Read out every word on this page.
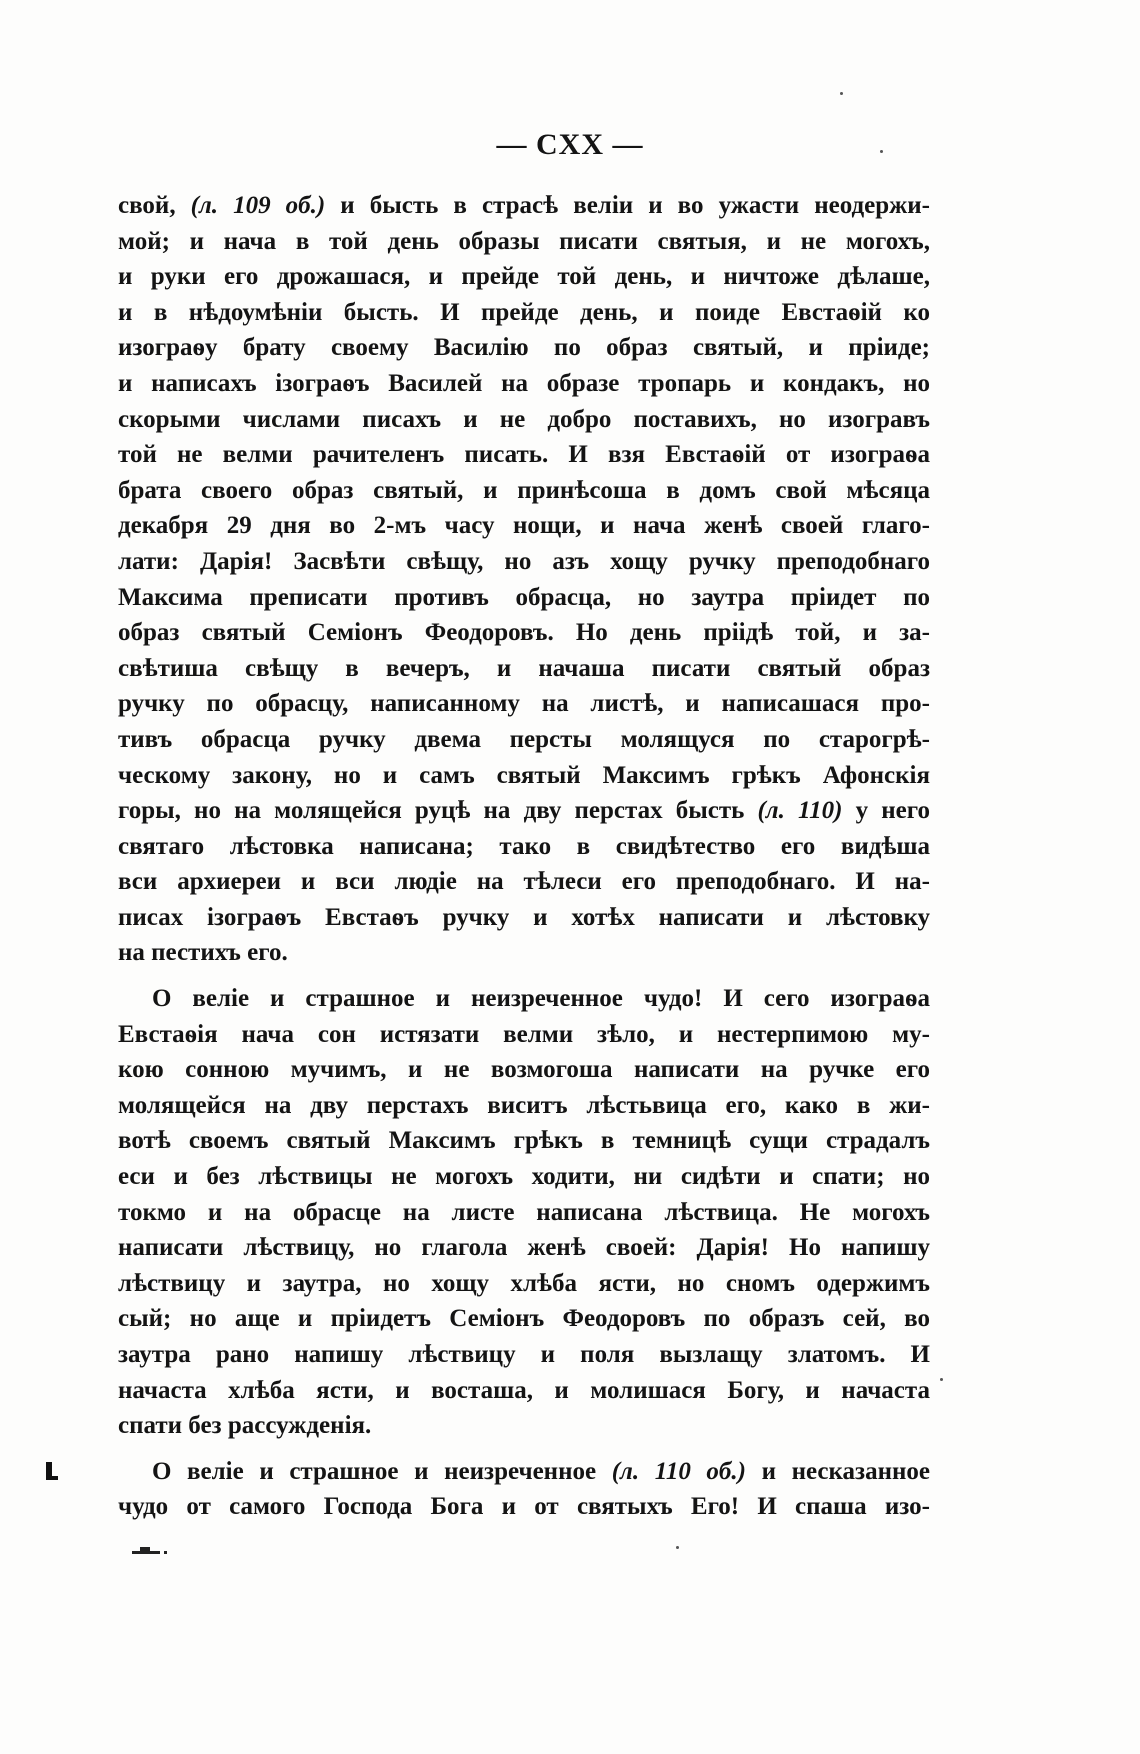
— CXX —
свой, (л. 109 об.) и бысть в страсѣ веліи и во ужасти неодержи-
мой; и нача в той день образы писати святыя, и не могохъ,
и руки его дрожашася, и прейде той день, и ничтоже дѣлаше,
и в нѣдоумѣніи бысть. И прейде день, и поиде Евстаѳій ко
изограѳу брату своему Василію по образ святый, и пріиде;
и написахъ ізограѳъ Василей на образе тропарь и кондакъ, но
скорыми числами писахъ и не добро поставихъ, но изогравъ
той не велми рачителенъ писать. И взя Евстаѳій от изограѳа
брата своего образ святый, и принѣсоша в домъ свой мѣсяца
декабря 29 дня во 2-мъ часу нощи, и нача женѣ своей глаго-
лати: Дарія! Засвѣти свѣщу, но азъ хощу ручку преподобнаго
Максима преписати противъ обрасца, но заутра пріидет по
образ святый Семіонъ Феодоровъ. Но день пріідѣ той, и за-
свѣтиша свѣщу в вечеръ, и начаша писати святый образ
ручку по обрасцу, написанному на листѣ, и написашася про-
тивъ обрасца ручку двема персты молящуся по старогрѣ-
ческому закону, но и самъ святый Максимъ грѣкъ Афонскія
горы, но на молящейся руцѣ на дву перстах бысть (л. 110) у него
святаго лѣстовка написана; тако в свидѣтество его видѣша
вси архиереи и вси людіе на тѣлеси его преподобнаго. И на-
писах ізограѳъ Евстаѳъ ручку и хотѣх написати и лѣстовку
на пестихъ его.
О веліе и страшное и неизреченное чудо! И сего изограѳа
Евстаѳія нача сон истязати велми зѣло, и нестерпимою му-
кою сонною мучимъ, и не возмогоша написати на ручке его
молящейся на дву перстахъ виситъ лѣстьвица его, како в жи-
вотѣ своемъ святый Максимъ грѣкъ в темницѣ сущи страдалъ
еси и без лѣствицы не могохъ ходити, ни сидѣти и спати; но
токмо и на обрасце на листе написана лѣствица. Не могохъ
написати лѣствицу, но глагола женѣ своей: Дарія! Но напишу
лѣствицу и заутра, но хощу хлѣба ясти, но сномъ одержимъ
сый; но аще и пріидетъ Семіонъ Феодоровъ по образъ сей, во
заутра рано напишу лѣствицу и поля вызлащу златомъ. И
начаста хлѣба ясти, и восташа, и молишася Богу, и начаста
спати без рассужденія.
О веліе и страшное и неизреченное (л. 110 об.) и несказанное
чудо от самого Господа Бога и от святыхъ Его! И спаша изо-
